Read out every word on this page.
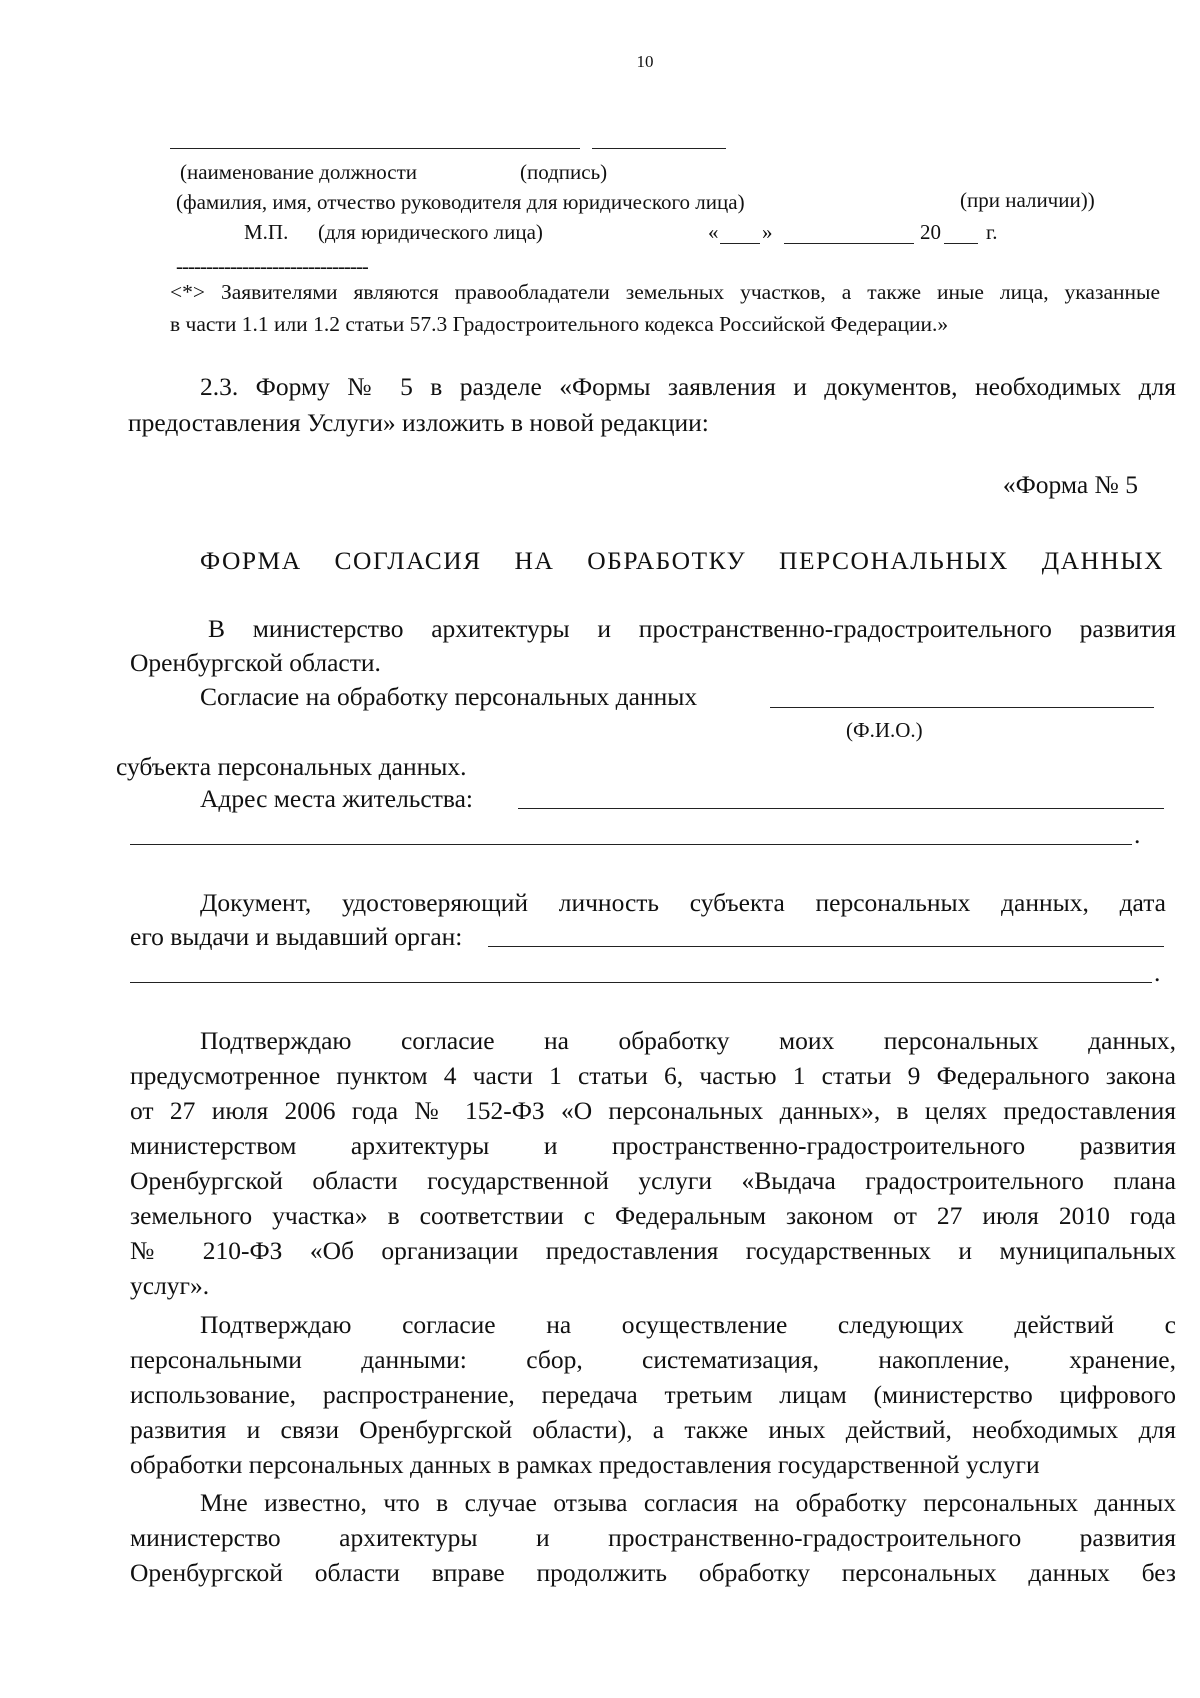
10
(наименование должности	(подпись)
(фамилия, имя, отчество руководителя для юридического лица)	(при наличии))
М.П. (для юридического лица)	« »	20 г.
--------------------------------
<*> Заявителями являются правообладатели земельных участков, а также иные лица, указанные
в части 1.1 или 1.2 статьи 57.3 Градостроительного кодекса Российской Федерации.»
2.3. Форму № 5 в разделе «Формы заявления и документов, необходимых для
предоставления Услуги» изложить в новой редакции:
«Форма № 5
ФОРМА СОГЛАСИЯ НА ОБРАБОТКУ ПЕРСОНАЛЬНЫХ ДАННЫХ
В министерство архитектуры и пространственно-градостроительного развития
Оренбургской области.
Согласие на обработку персональных данных
(Ф.И.О.)
субъекта персональных данных.
Адрес места жительства:
.
Документ, удостоверяющий личность субъекта персональных данных, дата
его выдачи и выдавший орган:
.
Подтверждаю согласие на обработку моих персональных данных,
предусмотренное пунктом 4 части 1 статьи 6, частью 1 статьи 9 Федерального закона
от 27 июля 2006 года № 152-ФЗ «О персональных данных», в целях предоставления
министерством архитектуры и пространственно-градостроительного развития
Оренбургской области государственной услуги «Выдача градостроительного плана
земельного участка» в соответствии с Федеральным законом от 27 июля 2010 года
№ 210-ФЗ «Об организации предоставления государственных и муниципальных
услуг».
Подтверждаю согласие на осуществление следующих действий с
персональными данными: сбор, систематизация, накопление, хранение,
использование, распространение, передача третьим лицам (министерство цифрового
развития и связи Оренбургской области), а также иных действий, необходимых для
обработки персональных данных в рамках предоставления государственной услуги
Мне известно, что в случае отзыва согласия на обработку персональных данных
министерство архитектуры и пространственно-градостроительного развития
Оренбургской области вправе продолжить обработку персональных данных без
